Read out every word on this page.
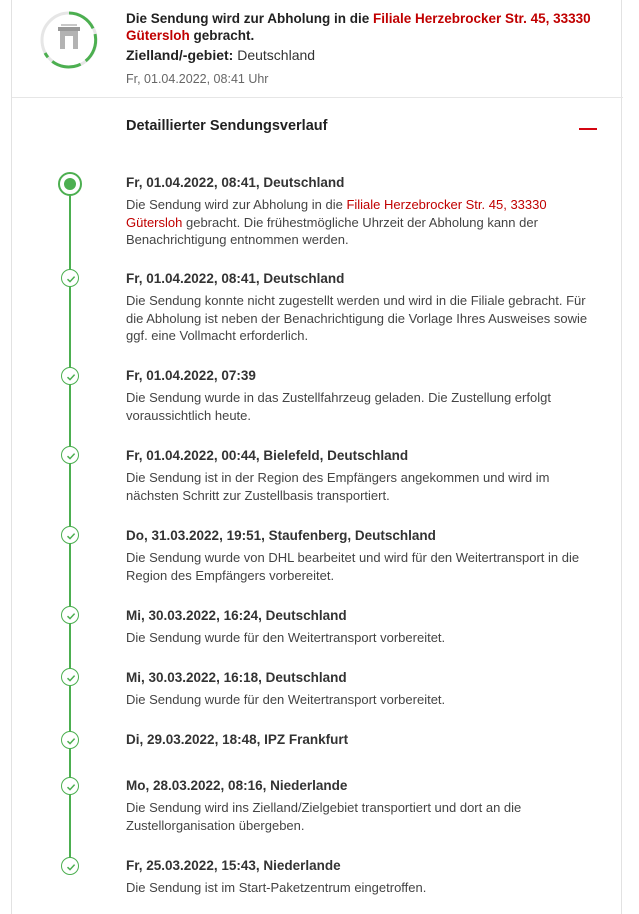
Die Sendung wird zur Abholung in die Filiale Herzebrocker Str. 45, 33330 Gütersloh gebracht.
Zielland/-gebiet: Deutschland
Fr, 01.04.2022, 08:41 Uhr
Detaillierter Sendungsverlauf
Fr, 01.04.2022, 08:41, Deutschland
Die Sendung wird zur Abholung in die Filiale Herzebrocker Str. 45, 33330 Gütersloh gebracht. Die frühestmögliche Uhrzeit der Abholung kann der Benachrichtigung entnommen werden.
Fr, 01.04.2022, 08:41, Deutschland
Die Sendung konnte nicht zugestellt werden und wird in die Filiale gebracht. Für die Abholung ist neben der Benachrichtigung die Vorlage Ihres Ausweises sowie ggf. eine Vollmacht erforderlich.
Fr, 01.04.2022, 07:39
Die Sendung wurde in das Zustellfahrzeug geladen. Die Zustellung erfolgt voraussichtlich heute.
Fr, 01.04.2022, 00:44, Bielefeld, Deutschland
Die Sendung ist in der Region des Empfängers angekommen und wird im nächsten Schritt zur Zustellbasis transportiert.
Do, 31.03.2022, 19:51, Staufenberg, Deutschland
Die Sendung wurde von DHL bearbeitet und wird für den Weitertransport in die Region des Empfängers vorbereitet.
Mi, 30.03.2022, 16:24, Deutschland
Die Sendung wurde für den Weitertransport vorbereitet.
Mi, 30.03.2022, 16:18, Deutschland
Die Sendung wurde für den Weitertransport vorbereitet.
Di, 29.03.2022, 18:48, IPZ Frankfurt
Mo, 28.03.2022, 08:16, Niederlande
Die Sendung wird ins Zielland/Zielgebiet transportiert und dort an die Zustellorganisation übergeben.
Fr, 25.03.2022, 15:43, Niederlande
Die Sendung ist im Start-Paketzentrum eingetroffen.
